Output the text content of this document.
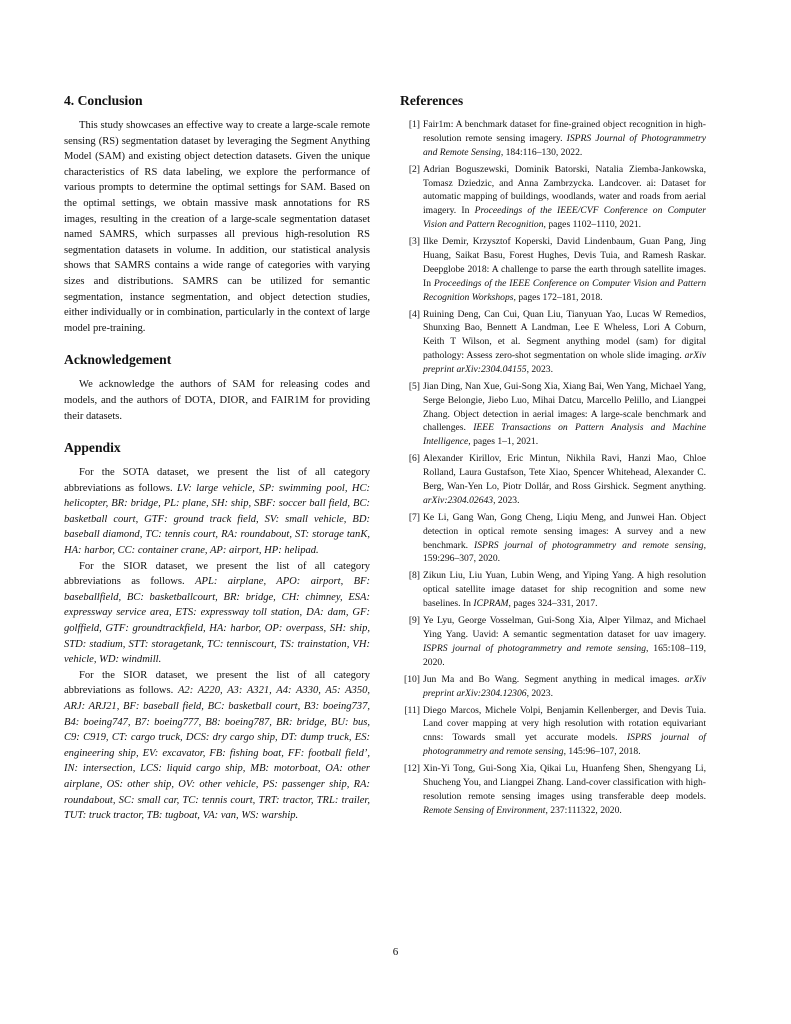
4. Conclusion

This study showcases an effective way to create a large-scale remote sensing (RS) segmentation dataset by leveraging the Segment Anything Model (SAM) and existing object detection datasets. Given the unique characteristics of RS data labeling, we explore the performance of various prompts to determine the optimal settings for SAM. Based on the optimal settings, we obtain massive mask annotations for RS images, resulting in the creation of a large-scale segmentation dataset named SAMRS, which surpasses all previous high-resolution RS segmentation datasets in volume. In addition, our statistical analysis shows that SAMRS contains a wide range of categories with varying sizes and distributions. SAMRS can be utilized for semantic segmentation, instance segmentation, and object detection studies, either individually or in combination, particularly in the context of large model pre-training.

Acknowledgement

We acknowledge the authors of SAM for releasing codes and models, and the authors of DOTA, DIOR, and FAIR1M for providing their datasets.

Appendix

For the SOTA dataset, we present the list of all category abbreviations as follows. LV: large vehicle, SP: swimming pool, HC: helicopter, BR: bridge, PL: plane, SH: ship, SBF: soccer ball field, BC: basketball court, GTF: ground track field, SV: small vehicle, BD: baseball diamond, TC: tennis court, RA: roundabout, ST: storage tanK, HA: harbor, CC: container crane, AP: airport, HP: helipad.

For the SIOR dataset, we present the list of all category abbreviations as follows. APL: airplane, APO: airport, BF: baseballfield, BC: basketballcourt, BR: bridge, CH: chimney, ESA: expressway service area, ETS: expressway toll station, DA: dam, GF: golffield, GTF: groundtrackfield, HA: harbor, OP: overpass, SH: ship, STD: stadium, STT: storagetank, TC: tenniscourt, TS: trainstation, VH: vehicle, WD: windmill.

For the SIOR dataset, we present the list of all category abbreviations as follows. A2: A220, A3: A321, A4: A330, A5: A350, ARJ: ARJ21, BF: baseball field, BC: basketball court, B3: boeing737, B4: boeing747, B7: boeing777, B8: boeing787, BR: bridge, BU: bus, C9: C919, CT: cargo truck, DCS: dry cargo ship, DT: dump truck, ES: engineering ship, EV: excavator, FB: fishing boat, FF: football field’, IN: intersection, LCS: liquid cargo ship, MB: motorboat, OA: other airplane, OS: other ship, OV: other vehicle, PS: passenger ship, RA: roundabout, SC: small car, TC: tennis court, TRT: tractor, TRL: trailer, TUT: truck tractor, TB: tugboat, VA: van, WS: warship.

References
[1] Fair1m: A benchmark dataset for fine-grained object recognition in high-resolution remote sensing imagery. ISPRS Journal of Photogrammetry and Remote Sensing, 184:116–130, 2022.
[2] Adrian Boguszewski, Dominik Batorski, Natalia Ziemba-Jankowska, Tomasz Dziedzic, and Anna Zambrzycka. Landcover. ai: Dataset for automatic mapping of buildings, woodlands, water and roads from aerial imagery. In Proceedings of the IEEE/CVF Conference on Computer Vision and Pattern Recognition, pages 1102–1110, 2021.
[3] Ilke Demir, Krzysztof Koperski, David Lindenbaum, Guan Pang, Jing Huang, Saikat Basu, Forest Hughes, Devis Tuia, and Ramesh Raskar. Deepglobe 2018: A challenge to parse the earth through satellite images. In Proceedings of the IEEE Conference on Computer Vision and Pattern Recognition Workshops, pages 172–181, 2018.
[4] Ruining Deng, Can Cui, Quan Liu, Tianyuan Yao, Lucas W Remedios, Shunxing Bao, Bennett A Landman, Lee E Wheless, Lori A Coburn, Keith T Wilson, et al. Segment anything model (sam) for digital pathology: Assess zero-shot segmentation on whole slide imaging. arXiv preprint arXiv:2304.04155, 2023.
[5] Jian Ding, Nan Xue, Gui-Song Xia, Xiang Bai, Wen Yang, Michael Yang, Serge Belongie, Jiebo Luo, Mihai Datcu, Marcello Pelillo, and Liangpei Zhang. Object detection in aerial images: A large-scale benchmark and challenges. IEEE Transactions on Pattern Analysis and Machine Intelligence, pages 1–1, 2021.
[6] Alexander Kirillov, Eric Mintun, Nikhila Ravi, Hanzi Mao, Chloe Rolland, Laura Gustafson, Tete Xiao, Spencer Whitehead, Alexander C. Berg, Wan-Yen Lo, Piotr Dollár, and Ross Girshick. Segment anything. arXiv:2304.02643, 2023.
[7] Ke Li, Gang Wan, Gong Cheng, Liqiu Meng, and Junwei Han. Object detection in optical remote sensing images: A survey and a new benchmark. ISPRS journal of photogrammetry and remote sensing, 159:296–307, 2020.
[8] Zikun Liu, Liu Yuan, Lubin Weng, and Yiping Yang. A high resolution optical satellite image dataset for ship recognition and some new baselines. In ICPRAM, pages 324–331, 2017.
[9] Ye Lyu, George Vosselman, Gui-Song Xia, Alper Yilmaz, and Michael Ying Yang. Uavid: A semantic segmentation dataset for uav imagery. ISPRS journal of photogrammetry and remote sensing, 165:108–119, 2020.
[10] Jun Ma and Bo Wang. Segment anything in medical images. arXiv preprint arXiv:2304.12306, 2023.
[11] Diego Marcos, Michele Volpi, Benjamin Kellenberger, and Devis Tuia. Land cover mapping at very high resolution with rotation equivariant cnns: Towards small yet accurate models. ISPRS journal of photogrammetry and remote sensing, 145:96–107, 2018.
[12] Xin-Yi Tong, Gui-Song Xia, Qikai Lu, Huanfeng Shen, Shengyang Li, Shucheng You, and Liangpei Zhang. Land-cover classification with high-resolution remote sensing images using transferable deep models. Remote Sensing of Environment, 237:111322, 2020.
6
